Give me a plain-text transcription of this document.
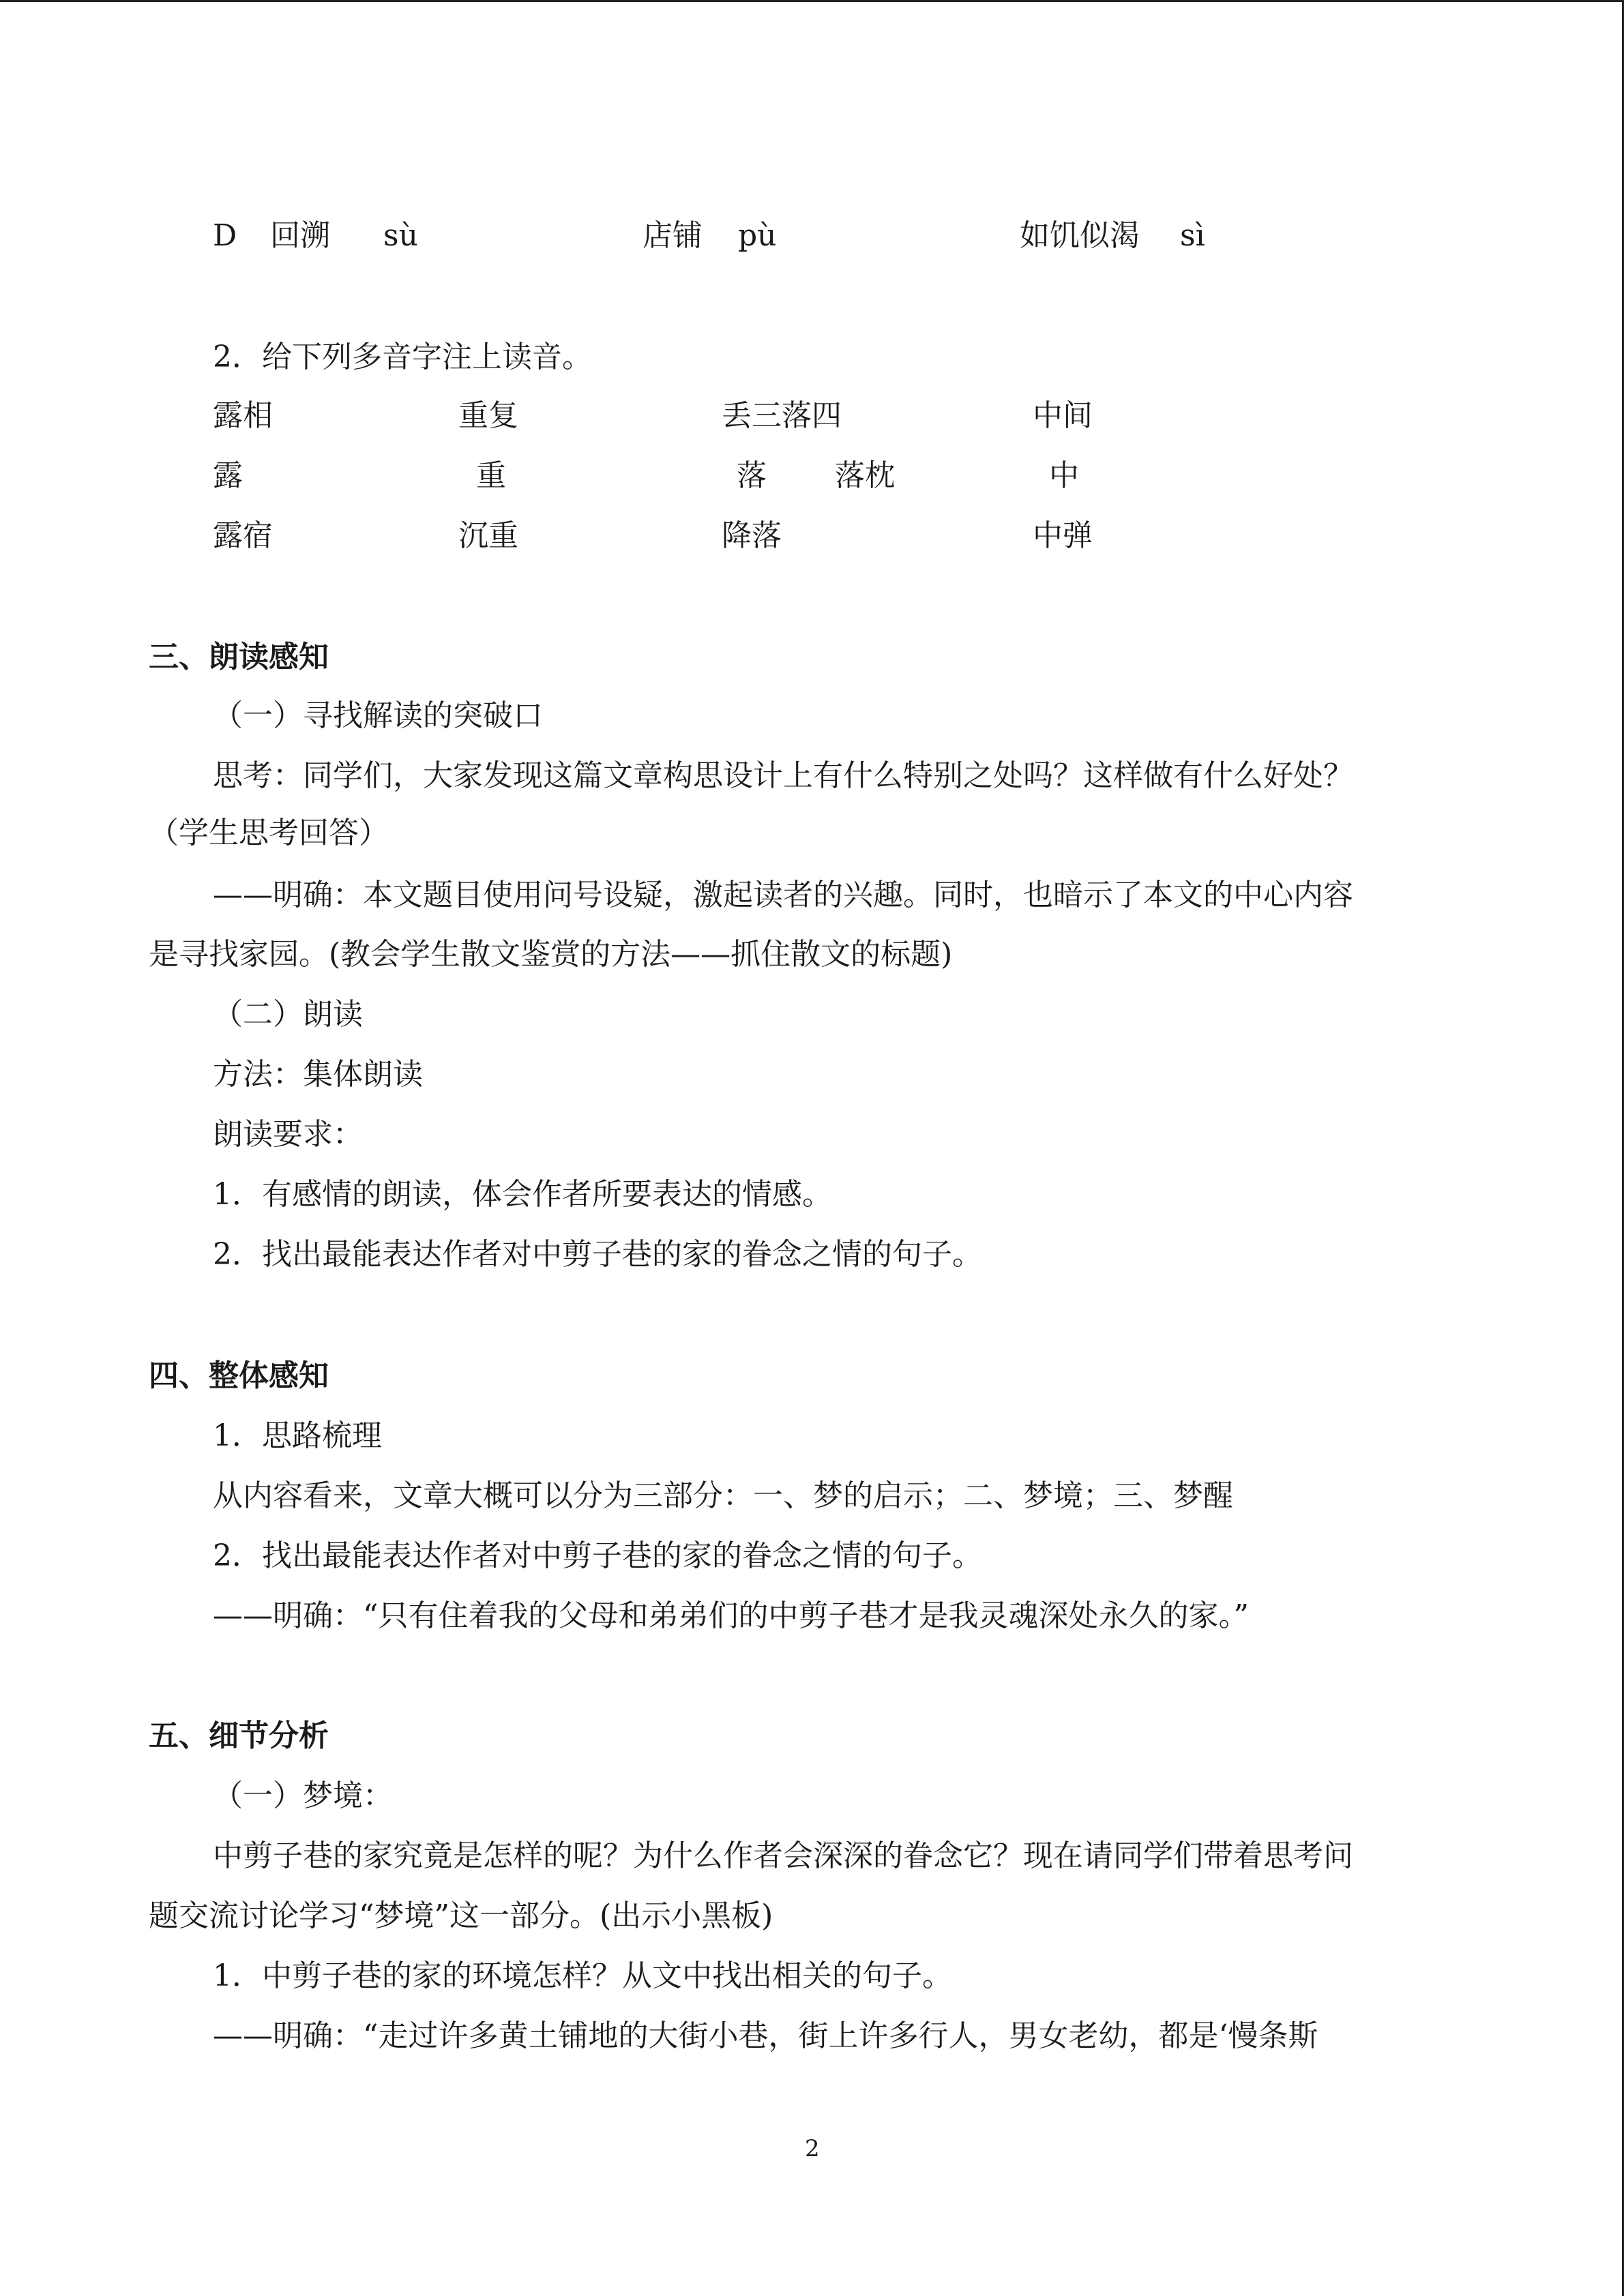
D 回溯 sù	店铺 pù	如饥似渴 sì
2．给下列多音字注上读音。
露相	重复	丢三落四	中间
露	重	落 落枕	中
露宿	沉重	降落	中弹
三、朗读感知
（一）寻找解读的突破口
思考：同学们，大家发现这篇文章构思设计上有什么特别之处吗？这样做有什么好处？
（学生思考回答）
——明确：本文题目使用问号设疑，激起读者的兴趣。同时，也暗示了本文的中心内容
是寻找家园。(教会学生散文鉴赏的方法——抓住散文的标题)
（二）朗读
方法：集体朗读
朗读要求：
1．有感情的朗读，体会作者所要表达的情感。
2．找出最能表达作者对中剪子巷的家的眷念之情的句子。
四、整体感知
1．思路梳理
从内容看来，文章大概可以分为三部分：一、梦的启示；二、梦境；三、梦醒
2．找出最能表达作者对中剪子巷的家的眷念之情的句子。
——明确：“只有住着我的父母和弟弟们的中剪子巷才是我灵魂深处永久的家。”
五、细节分析
（一）梦境：
中剪子巷的家究竟是怎样的呢？为什么作者会深深的眷念它？现在请同学们带着思考问
题交流讨论学习“梦境”这一部分。(出示小黑板)
1．中剪子巷的家的环境怎样？从文中找出相关的句子。
——明确：“走过许多黄土铺地的大街小巷，街上许多行人，男女老幼，都是‘慢条斯
2
